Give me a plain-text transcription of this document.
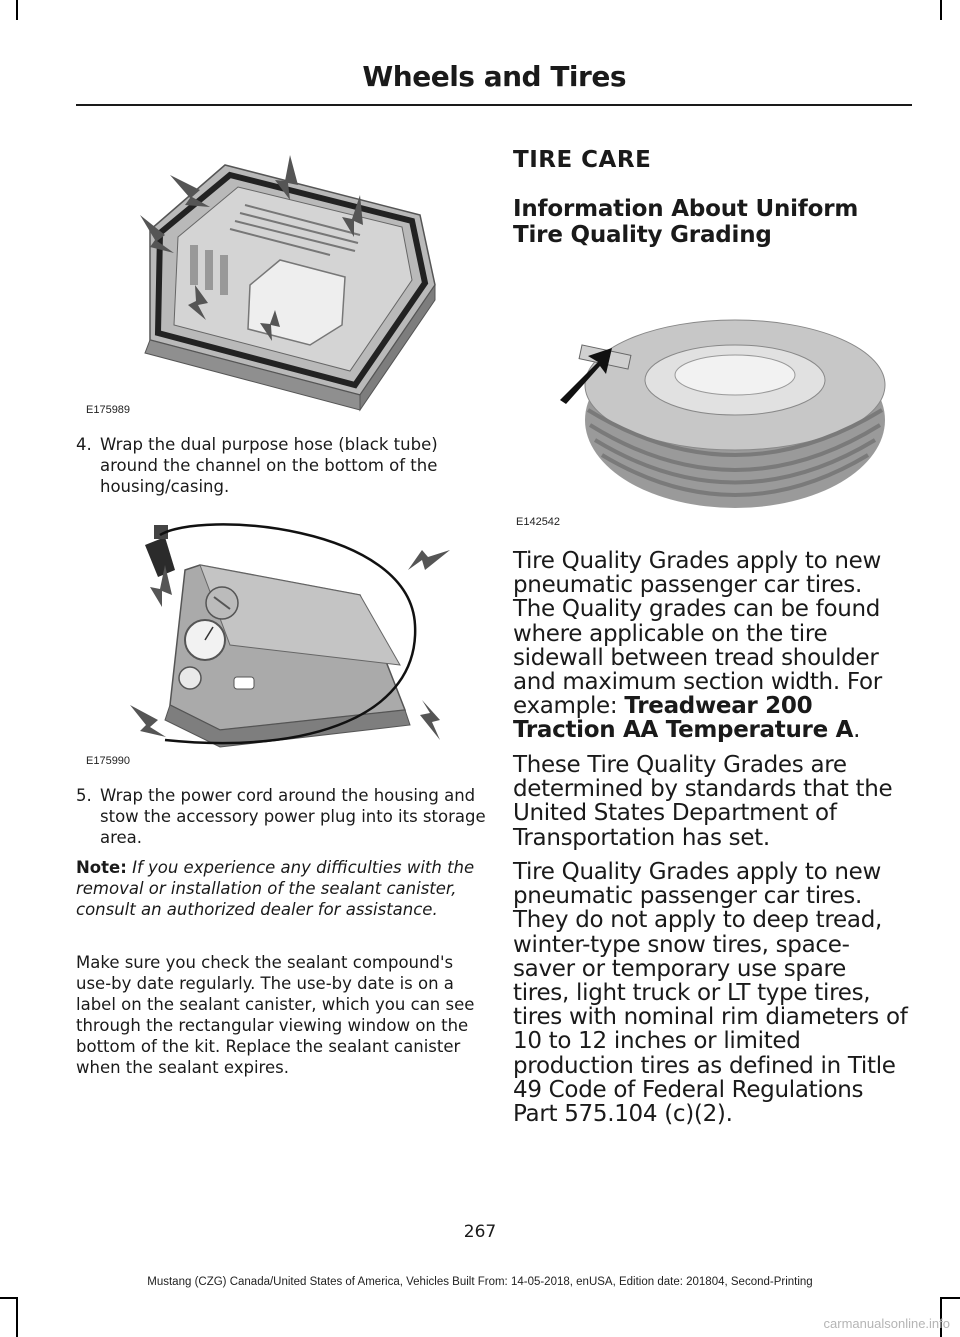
Wheels and Tires
E175989
4. Wrap the dual purpose hose (black tube) around the channel on the bottom of the housing/casing.
E175990
5. Wrap the power cord around the housing and stow the accessory power plug into its storage area.
Note: If you experience any difficulties with the removal or installation of the sealant canister, consult an authorized dealer for assistance.
Make sure you check the sealant compound's use-by date regularly. The use-by date is on a label on the sealant canister, which you can see through the rectangular viewing window on the bottom of the kit. Replace the sealant canister when the sealant expires.
TIRE CARE
Information About Uniform Tire Quality Grading
E142542
Tire Quality Grades apply to new pneumatic passenger car tires. The Quality grades can be found where applicable on the tire sidewall between tread shoulder and maximum section width. For example: Treadwear 200 Traction AA Temperature A.
These Tire Quality Grades are determined by standards that the United States Department of Transportation has set.
Tire Quality Grades apply to new pneumatic passenger car tires. They do not apply to deep tread, winter-type snow tires, space-saver or temporary use spare tires, light truck or LT type tires, tires with nominal rim diameters of 10 to 12 inches or limited production tires as defined in Title 49 Code of Federal Regulations Part 575.104 (c)(2).
267
Mustang (CZG) Canada/United States of America, Vehicles Built From: 14-05-2018, enUSA, Edition date: 201804, Second-Printing
carmanualsonline.info
